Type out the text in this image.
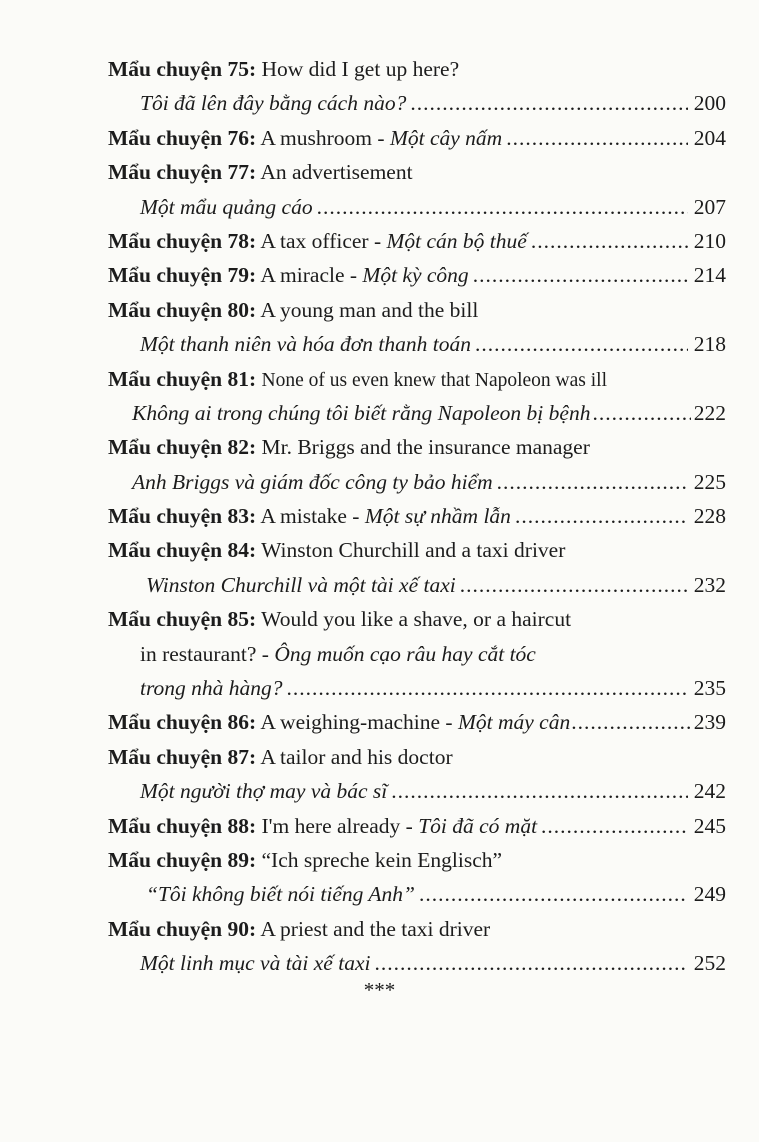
Mẩu chuyện 75: How did I get up here?
Tôi đã lên đây bằng cách nào? .....	200
Mẩu chuyện 76: A mushroom - Một cây nấm .....	204
Mẩu chuyện 77: An advertisement
Một mẩu quảng cáo .....	207
Mẩu chuyện 78: A tax officer - Một cán bộ thuế .....	210
Mẩu chuyện 79: A miracle - Một kỳ công .....	214
Mẩu chuyện 80: A young man and the bill
Một thanh niên và hóa đơn thanh toán .....	218
Mẩu chuyện 81: None of us even knew that Napoleon was ill
Không ai trong chúng tôi biết rằng Napoleon bị bệnh .....	222
Mẩu chuyện 82: Mr. Briggs and the insurance manager
Anh Briggs và giám đốc công ty bảo hiểm .....	225
Mẩu chuyện 83: A mistake - Một sự nhầm lẫn .....	228
Mẩu chuyện 84: Winston Churchill and a taxi driver
Winston Churchill và một tài xế taxi .....	232
Mẩu chuyện 85: Would you like a shave, or a haircut
in restaurant? - Ông muốn cạo râu hay cắt tóc
trong nhà hàng? .....	235
Mẩu chuyện 86: A weighing-machine - Một máy cân .....	239
Mẩu chuyện 87: A tailor and his doctor
Một người thợ may và bác sĩ .....	242
Mẩu chuyện 88: I'm here already - Tôi đã có mặt .....	245
Mẩu chuyện 89: “Ich spreche kein Englisch”
“Tôi không biết nói tiếng Anh” .....	249
Mẩu chuyện 90: A priest and the taxi driver
Một linh mục và tài xế taxi .....	252
***
